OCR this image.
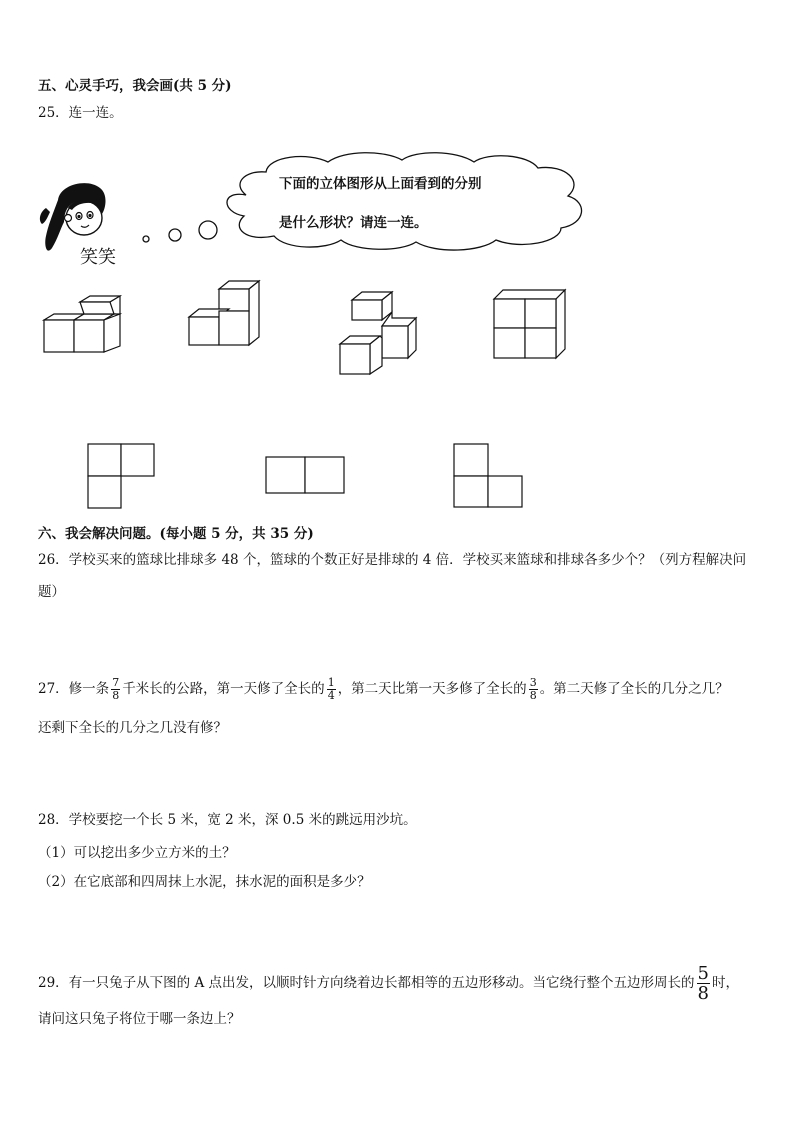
五、心灵手巧，我会画(共 5 分)
25．连一连。
笑笑
下面的立体图形从上面看到的分别
是什么形状？请连一连。
六、我会解决问题。(每小题 5 分，共 35 分)
26．学校买来的篮球比排球多 48 个，篮球的个数正好是排球的 4 倍．学校买来篮球和排球各多少个？（列方程解决问
题）
27．修一条 $\frac{7}{8}$ 千米长的公路，第一天修了全长的 $\frac{1}{4}$ ，第二天比第一天多修了全长的 $\frac{3}{8}$ 。第二天修了全长的几分之几？
还剩下全长的几分之几没有修？
28．学校要挖一个长 5 米，宽 2 米，深 0.5 米的跳远用沙坑。
（1）可以挖出多少立方米的土？
（2）在它底部和四周抹上水泥，抹水泥的面积是多少？
29．有一只兔子从下图的 A 点出发，以顺时针方向绕着边长都相等的五边形移动。当它绕行整个五边形周长的 $\frac{5}{8}$ 时，
请问这只兔子将位于哪一条边上？
